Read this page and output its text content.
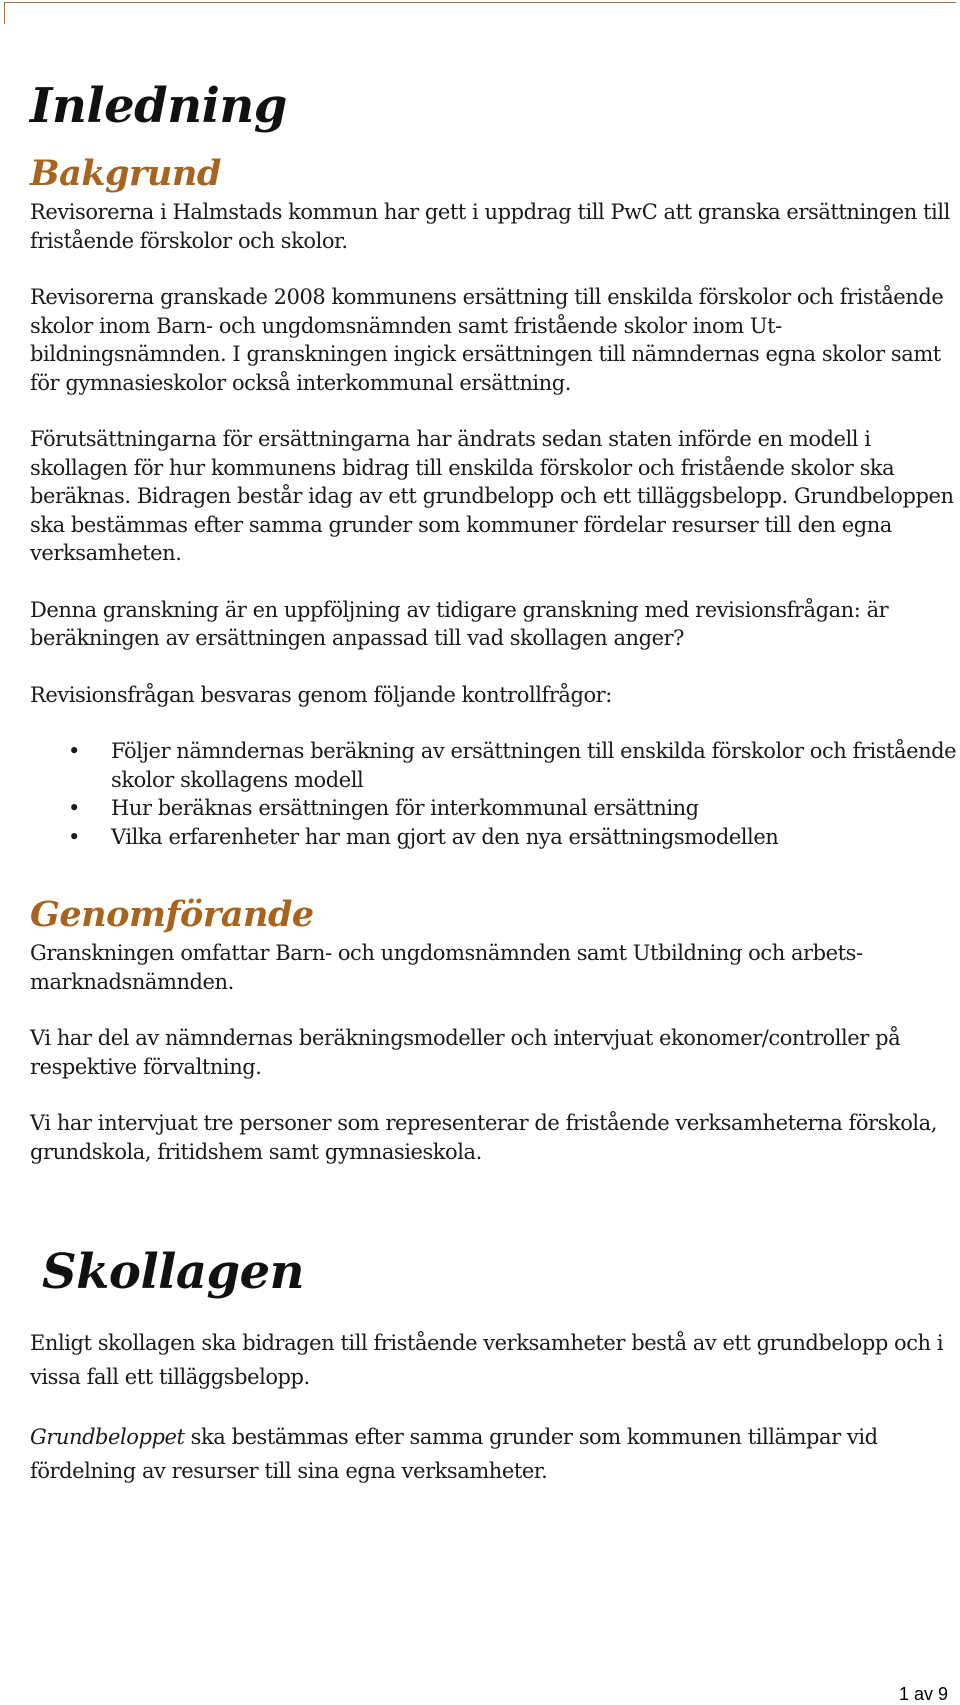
Inledning
Bakgrund

Revisorerna i Halmstads kommun har gett i uppdrag till PwC att granska ersättningen till fristående förskolor och skolor.

Revisorerna granskade 2008 kommunens ersättning till enskilda förskolor och fristående skolor inom Barn- och ungdomsnämnden samt fristående skolor inom Utbildningsnämnden. I granskningen ingick ersättningen till nämndernas egna skolor samt för gymnasieskolor också interkommunal ersättning.

Förutsättningarna för ersättningarna har ändrats sedan staten införde en modell i skollagen för hur kommunens bidrag till enskilda förskolor och fristående skolor ska beräknas. Bidragen består idag av ett grundbelopp och ett tilläggsbelopp. Grundbeloppen ska bestämmas efter samma grunder som kommuner fördelar resurser till den egna verksamheten.

Denna granskning är en uppföljning av tidigare granskning med revisionsfrågan: är beräkningen av ersättningen anpassad till vad skollagen anger?

Revisionsfrågan besvaras genom följande kontrollfrågor:

• Följer nämndernas beräkning av ersättningen till enskilda förskolor och fristående skolor skollagens modell
• Hur beräknas ersättningen för interkommunal ersättning
• Vilka erfarenheter har man gjort av den nya ersättningsmodellen
Genomförande

Granskningen omfattar Barn- och ungdomsnämnden samt Utbildning och arbetsmarknadsnämnden.

Vi har del av nämndernas beräkningsmodeller och intervjuat ekonomer/controller på respektive förvaltning.

Vi har intervjuat tre personer som representerar de fristående verksamheterna förskola, grundskola, fritidshem samt gymnasieskola.

Skollagen

Enligt skollagen ska bidragen till fristående verksamheter bestå av ett grundbelopp och i vissa fall ett tilläggsbelopp.

Grundbeloppet ska bestämmas efter samma grunder som kommunen tillämpar vid fördelning av resurser till sina egna verksamheter.

1 av 9
